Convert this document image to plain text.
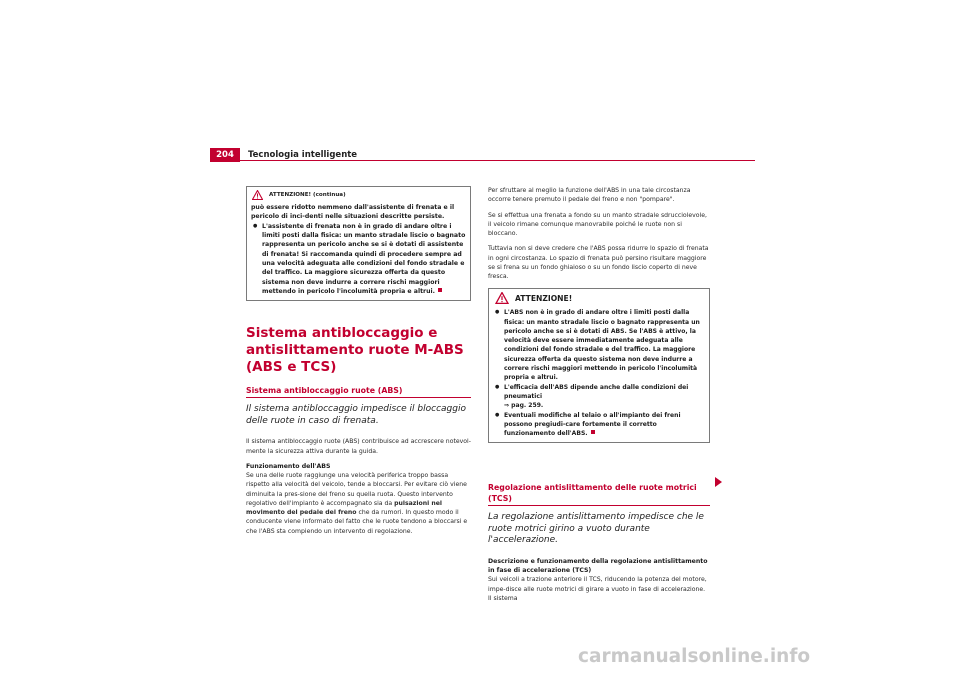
204	Tecnologia intelligente
ATTENZIONE! (continua)

può essere ridotto nemmeno dall'assistente di frenata e il pericolo di inci-denti nelle situazioni descritte persiste.

● L'assistente di frenata non è in grado di andare oltre i limiti posti dalla fisica: un manto stradale liscio o bagnato rappresenta un pericolo anche se si è dotati di assistente di frenata! Si raccomanda quindi di procedere sempre ad una velocità adeguata alle condizioni del fondo stradale e del traffico. La maggiore sicurezza offerta da questo sistema non deve indurre a correre rischi maggiori mettendo in pericolo l'incolumità propria e altrui.

Sistema antibloccaggio e antislittamento ruote M-ABS (ABS e TCS)
Sistema antibloccaggio ruote (ABS)
Il sistema antibloccaggio impedisce il bloccaggio delle ruote in caso di frenata.

Il sistema antibloccaggio ruote (ABS) contribuisce ad accrescere notevol-mente la sicurezza attiva durante la guida.

Funzionamento dell'ABS

Se una delle ruote raggiunge una velocità periferica troppo bassa rispetto alla velocità del veicolo, tende a bloccarsi. Per evitare ciò viene diminuita la pres-sione del freno su quella ruota. Questo intervento regolativo dell'impianto è accompagnato sia da pulsazioni nel movimento del pedale del freno che da rumori. In questo modo il conducente viene informato del fatto che le ruote tendono a bloccarsi e che l'ABS sta compiendo un intervento di regolazione.

Per sfruttare al meglio la funzione dell'ABS in una tale circostanza occorre tenere premuto il pedale del freno e non "pompare".

Se si effettua una frenata a fondo su un manto stradale sdrucciolevole, il veicolo rimane comunque manovrabile poiché le ruote non si bloccano.

Tuttavia non si deve credere che l'ABS possa ridurre lo spazio di frenata in ogni circostanza. Lo spazio di frenata può persino risultare maggiore se si frena su un fondo ghiaioso o su un fondo liscio coperto di neve fresca.

ATTENZIONE!

● L'ABS non è in grado di andare oltre i limiti posti dalla fisica: un manto stradale liscio o bagnato rappresenta un pericolo anche se si è dotati di ABS. Se l'ABS è attivo, la velocità deve essere immediatamente adeguata alle condizioni del fondo stradale e del traffico. La maggiore sicurezza offerta da questo sistema non deve indurre a correre rischi maggiori mettendo in pericolo l'incolumità propria e altrui.

● L'efficacia dell'ABS dipende anche dalle condizioni dei pneumatici
⇒ pag. 259.

● Eventuali modifiche al telaio o all'impianto dei freni possono pregiudi-care fortemente il corretto funzionamento dell'ABS.

Regolazione antislittamento delle ruote motrici (TCS)
La regolazione antislittamento impedisce che le ruote motrici girino a vuoto durante l'accelerazione.

Descrizione e funzionamento della regolazione antislittamento in fase di accelerazione (TCS)

Sui veicoli a trazione anteriore il TCS, riducendo la potenza del motore, impe-disce alle ruote motrici di girare a vuoto in fase di accelerazione. Il sistema

carmanualsonline.info
